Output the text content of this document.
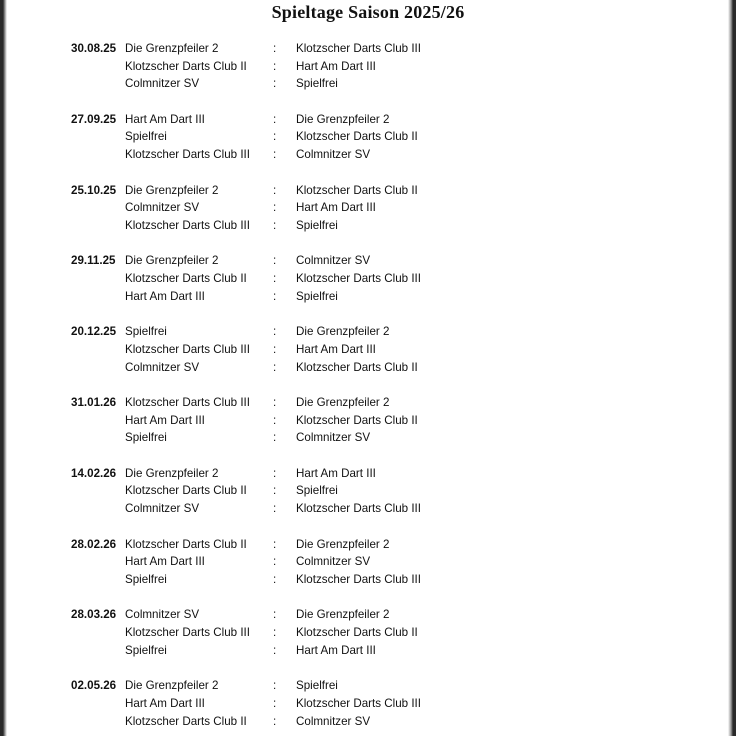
Spieltage Saison 2025/26
30.08.25 Die Grenzpfeiler 2	: Klotzscher Darts Club III
Klotzscher Darts Club II : Hart Am Dart III
Colmnitzer SV	: Spielfrei
27.09.25 Hart Am Dart III	: Die Grenzpfeiler 2
Spielfrei	: Klotzscher Darts Club II
Klotzscher Darts Club III : Colmnitzer SV
25.10.25 Die Grenzpfeiler 2	: Klotzscher Darts Club II
Colmnitzer SV	: Hart Am Dart III
Klotzscher Darts Club III : Spielfrei
29.11.25 Die Grenzpfeiler 2	: Colmnitzer SV
Klotzscher Darts Club II : Klotzscher Darts Club III
Hart Am Dart III	: Spielfrei
20.12.25 Spielfrei	: Die Grenzpfeiler 2
Klotzscher Darts Club III : Hart Am Dart III
Colmnitzer SV	: Klotzscher Darts Club II
31.01.26 Klotzscher Darts Club III : Die Grenzpfeiler 2
Hart Am Dart III	: Klotzscher Darts Club II
Spielfrei	: Colmnitzer SV
14.02.26 Die Grenzpfeiler 2	: Hart Am Dart III
Klotzscher Darts Club II : Spielfrei
Colmnitzer SV	: Klotzscher Darts Club III
28.02.26 Klotzscher Darts Club II : Die Grenzpfeiler 2
Hart Am Dart III	: Colmnitzer SV
Spielfrei	: Klotzscher Darts Club III
28.03.26 Colmnitzer SV	: Die Grenzpfeiler 2
Klotzscher Darts Club III : Klotzscher Darts Club II
Spielfrei	: Hart Am Dart III
02.05.26 Die Grenzpfeiler 2	: Spielfrei
Hart Am Dart III	: Klotzscher Darts Club III
Klotzscher Darts Club II : Colmnitzer SV
